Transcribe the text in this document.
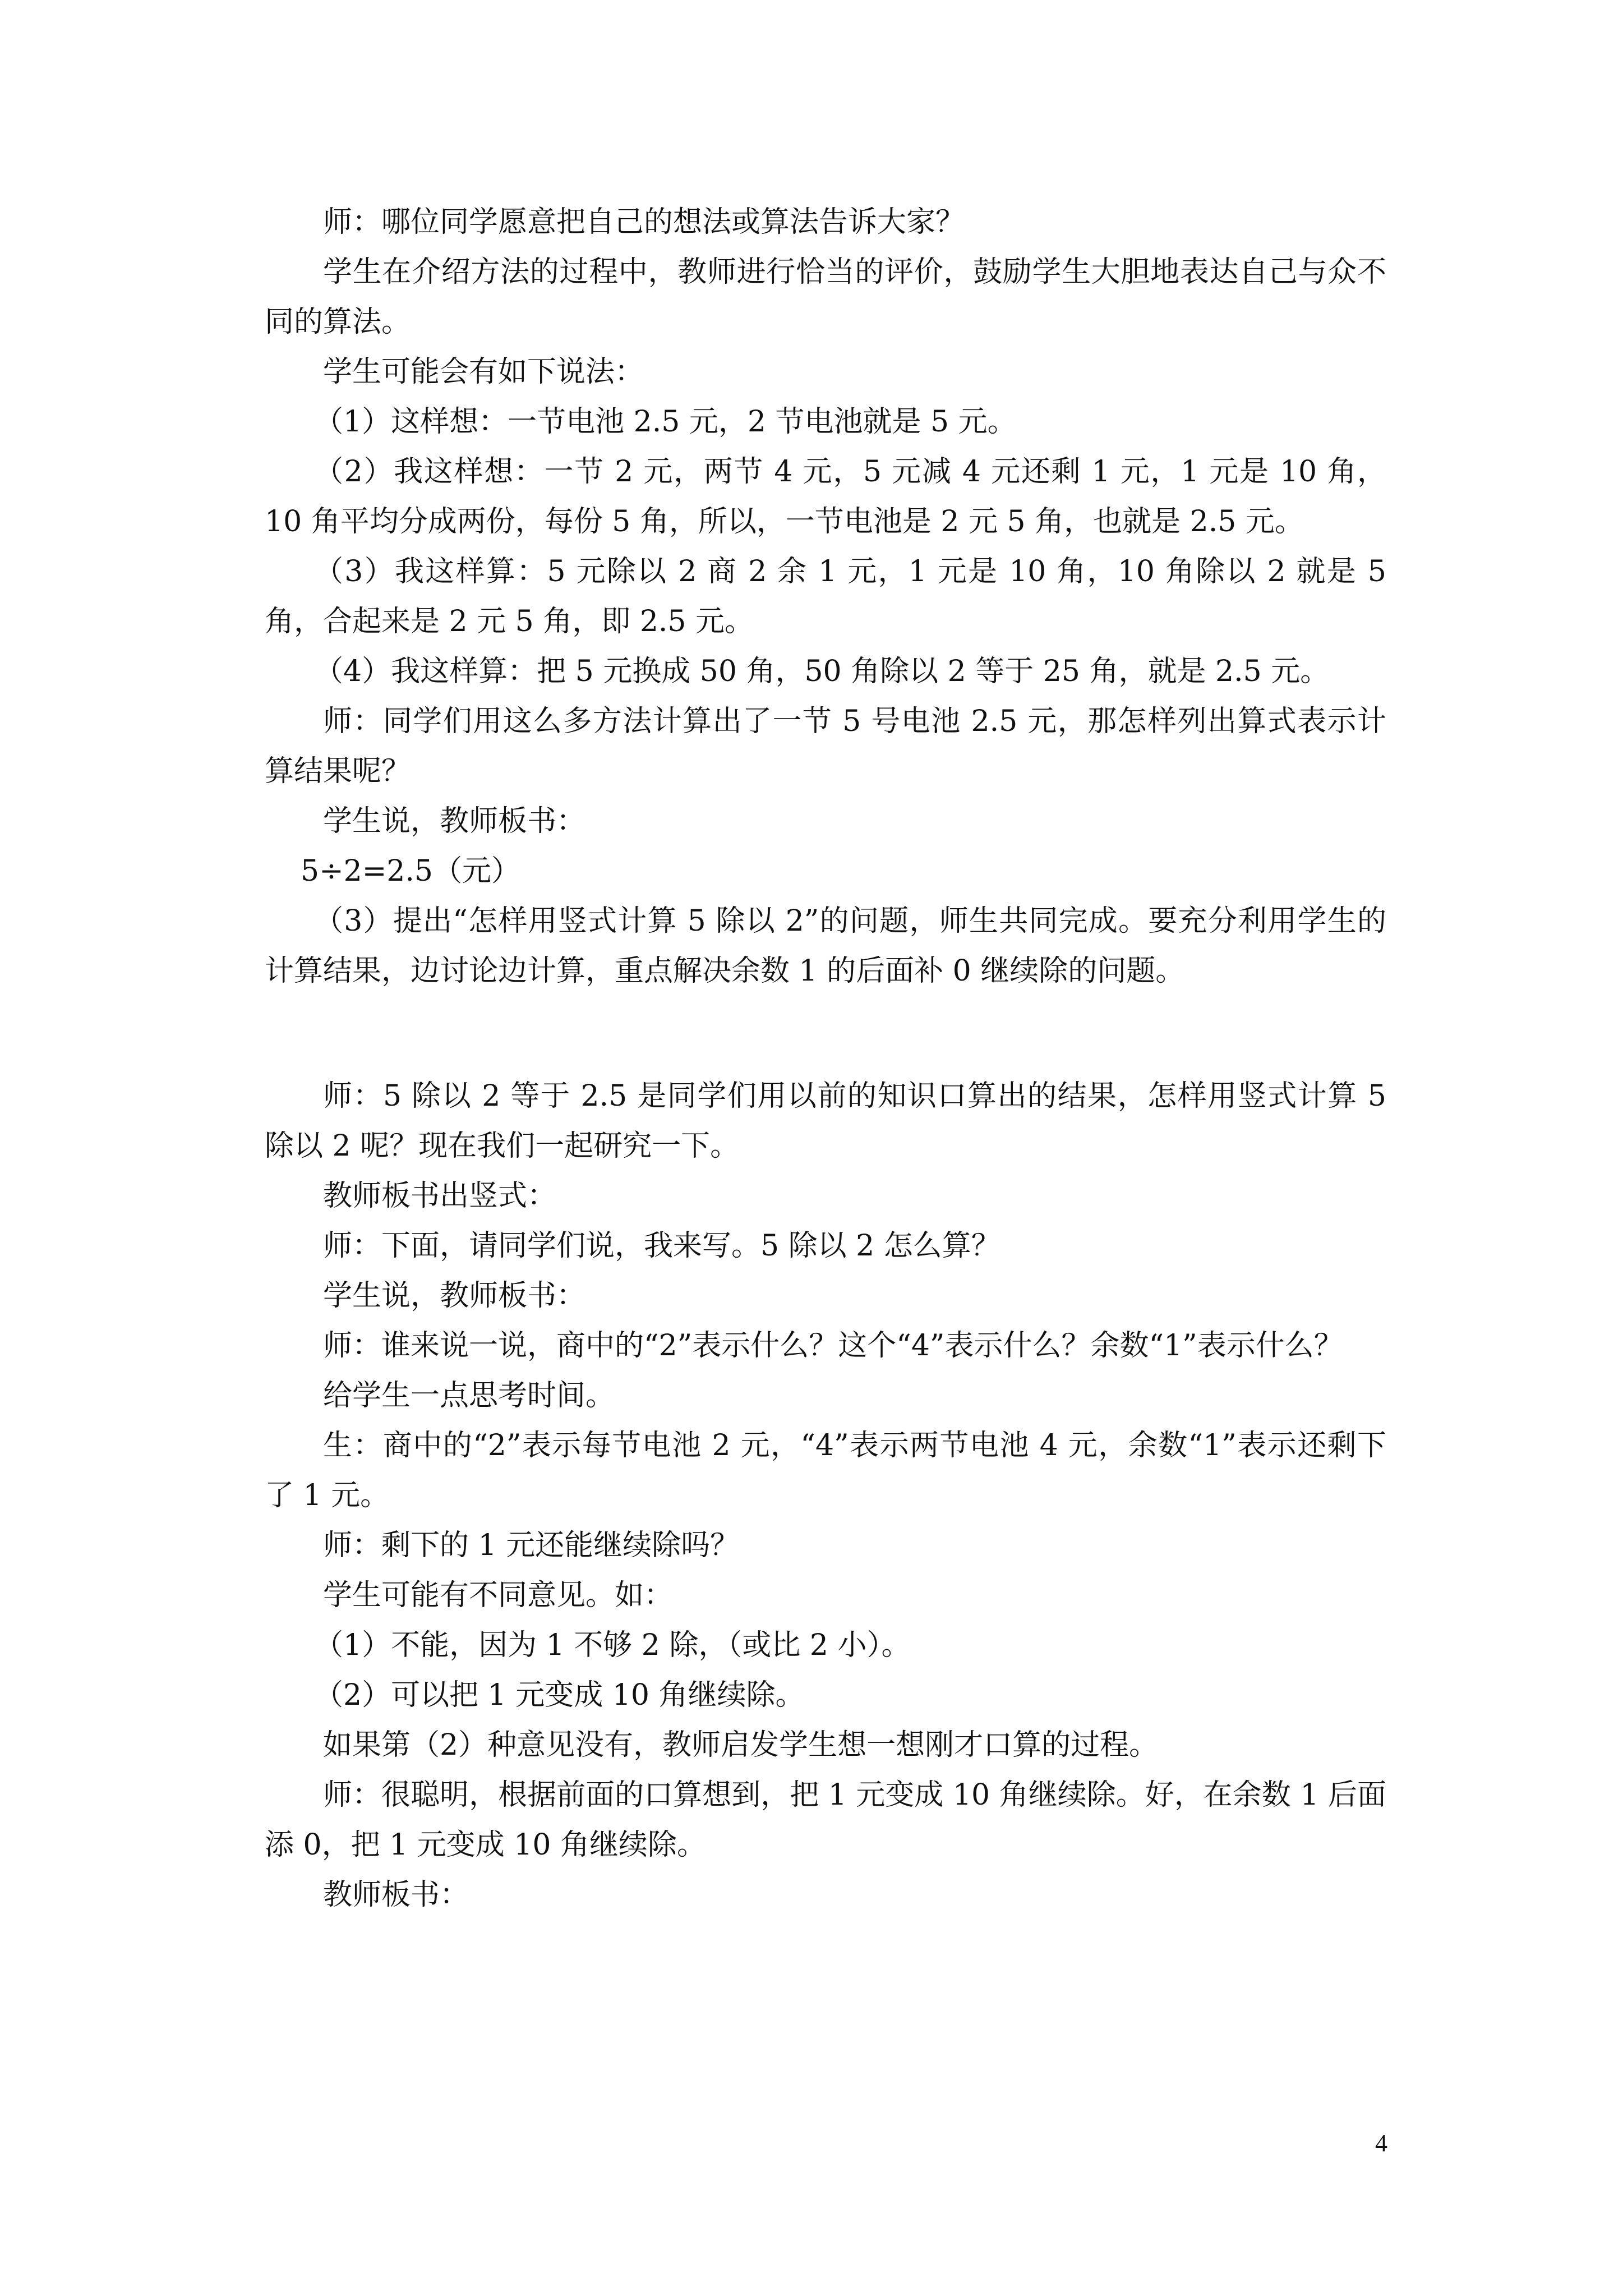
师：哪位同学愿意把自己的想法或算法告诉大家？

学生在介绍方法的过程中，教师进行恰当的评价，鼓励学生大胆地表达自己与众不同的算法。

学生可能会有如下说法：

（1）这样想：一节电池 2.5 元，2 节电池就是 5 元。

（2）我这样想：一节 2 元，两节 4 元，5 元减 4 元还剩 1 元，1 元是 10 角，10 角平均分成两份，每份 5 角，所以，一节电池是 2 元 5 角，也就是 2.5 元。

（3）我这样算：5 元除以 2 商 2 余 1 元，1 元是 10 角，10 角除以 2 就是 5 角，合起来是 2 元 5 角，即 2.5 元。

（4）我这样算：把 5 元换成 50 角，50 角除以 2 等于 25 角，就是 2.5 元。

师：同学们用这么多方法计算出了一节 5 号电池 2.5 元，那怎样列出算式表示计算结果呢？

学生说，教师板书：

5÷2=2.5（元）

（3）提出“怎样用竖式计算 5 除以 2”的问题，师生共同完成。要充分利用学生的计算结果，边讨论边计算，重点解决余数 1 的后面补 0 继续除的问题。

师：5 除以 2 等于 2.5 是同学们用以前的知识口算出的结果，怎样用竖式计算 5 除以 2 呢？现在我们一起研究一下。

教师板书出竖式：

师：下面，请同学们说，我来写。5 除以 2 怎么算？

学生说，教师板书：

师：谁来说一说，商中的“2”表示什么？这个“4”表示什么？余数“1”表示什么？

给学生一点思考时间。

生：商中的“2”表示每节电池 2 元，“4”表示两节电池 4 元，余数“1”表示还剩下了 1 元。

师：剩下的 1 元还能继续除吗？

学生可能有不同意见。如：

（1）不能，因为 1 不够 2 除，（或比 2 小）。

（2）可以把 1 元变成 10 角继续除。

如果第（2）种意见没有，教师启发学生想一想刚才口算的过程。

师：很聪明，根据前面的口算想到，把 1 元变成 10 角继续除。好，在余数 1 后面添 0，把 1 元变成 10 角继续除。

教师板书：

4
